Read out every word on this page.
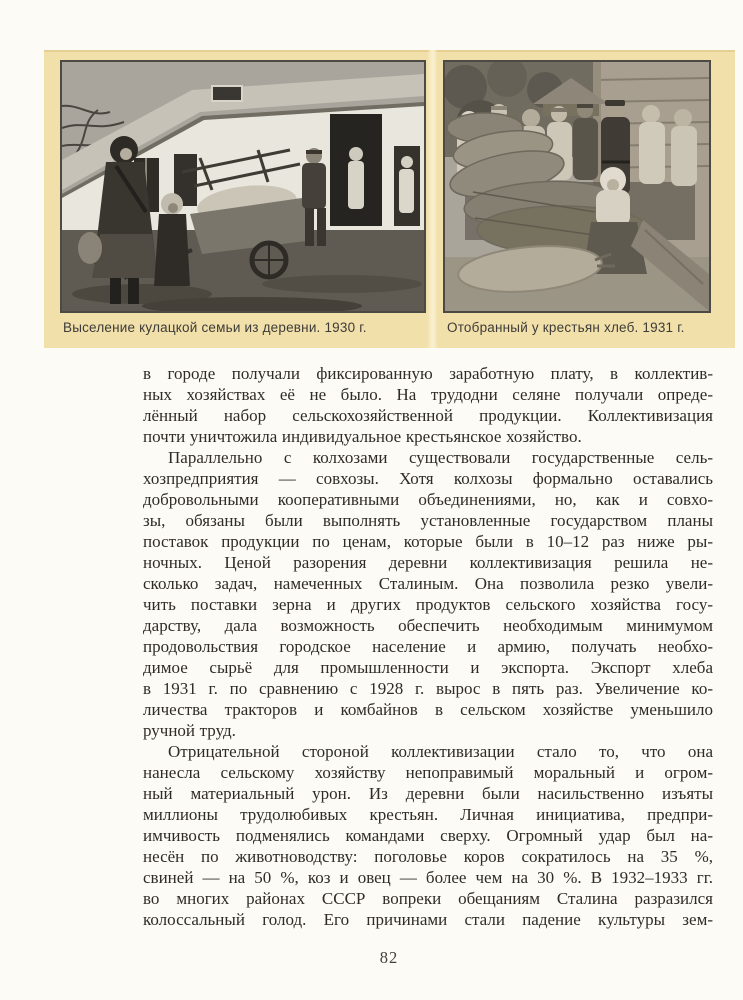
Выселение кулацкой семьи из деревни. 1930 г.	Отобранный у крестьян хлеб. 1931 г.
в городе получали фиксированную заработную плату, в коллектив-
ных хозяйствах её не было. На трудодни селяне получали опреде-
лённый набор сельскохозяйственной продукции. Коллективизация
почти уничтожила индивидуальное крестьянское хозяйство.
Параллельно с колхозами существовали государственные сель-
хозпредприятия — совхозы. Хотя колхозы формально оставались
добровольными кооперативными объединениями, но, как и совхо-
зы, обязаны были выполнять установленные государством планы
поставок продукции по ценам, которые были в 10–12 раз ниже ры-
ночных. Ценой разорения деревни коллективизация решила не-
сколько задач, намеченных Сталиным. Она позволила резко увели-
чить поставки зерна и других продуктов сельского хозяйства госу-
дарству, дала возможность обеспечить необходимым минимумом
продовольствия городское население и армию, получать необхо-
димое сырьё для промышленности и экспорта. Экспорт хлеба
в 1931 г. по сравнению с 1928 г. вырос в пять раз. Увеличение ко-
личества тракторов и комбайнов в сельском хозяйстве уменьшило
ручной труд.
Отрицательной стороной коллективизации стало то, что она
нанесла сельскому хозяйству непоправимый моральный и огром-
ный материальный урон. Из деревни были насильственно изъяты
миллионы трудолюбивых крестьян. Личная инициатива, предпри-
имчивость подменялись командами сверху. Огромный удар был на-
несён по животноводству: поголовье коров сократилось на 35 %,
свиней — на 50 %, коз и овец — более чем на 30 %. В 1932–1933 гг.
во многих районах СССР вопреки обещаниям Сталина разразился
колоссальный голод. Его причинами стали падение культуры зем-
82
